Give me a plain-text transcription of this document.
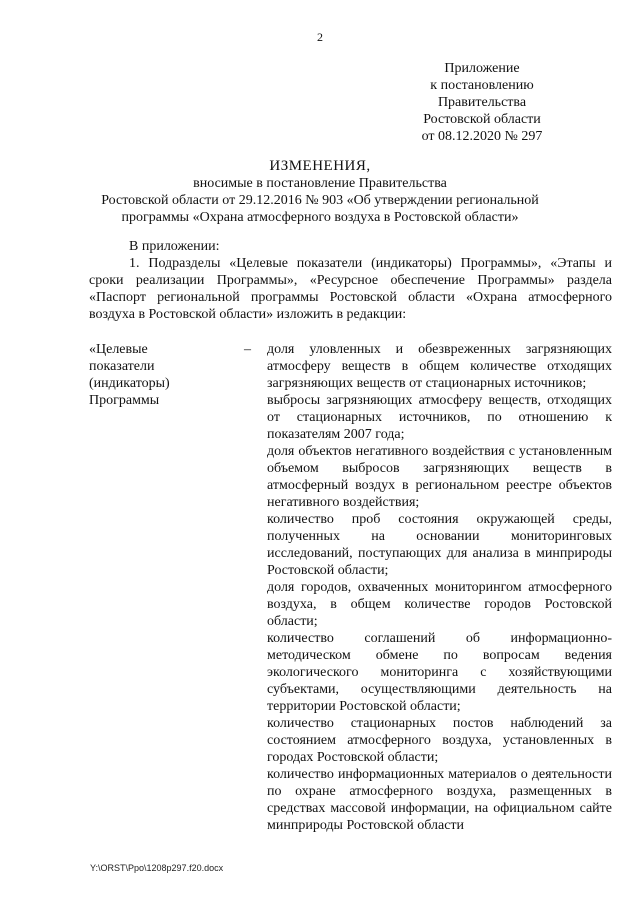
2
Приложение
к постановлению
Правительства
Ростовской области
от 08.12.2020 № 297
ИЗМЕНЕНИЯ,
вносимые в постановление Правительства
Ростовской области от 29.12.2016 № 903 «Об утверждении региональной
программы «Охрана атмосферного воздуха в Ростовской области»

В приложении:

1. Подразделы «Целевые показатели (индикаторы) Программы», «Этапы и сроки реализации Программы», «Ресурсное обеспечение Программы» раздела «Паспорт региональной программы Ростовской области «Охрана атмосферного воздуха в Ростовской области» изложить в редакции:

«Целевые
показатели
(индикаторы)
Программы
– доля уловленных и обезвреженных загрязняющих атмосферу веществ в общем количестве отходящих загрязняющих веществ от стационарных источников;
выбросы загрязняющих атмосферу веществ, отходящих от стационарных источников, по отношению к показателям 2007 года;
доля объектов негативного воздействия с установленным объемом выбросов загрязняющих веществ в атмосферный воздух в региональном реестре объектов негативного воздействия;
количество проб состояния окружающей среды, полученных на основании мониторинговых исследований, поступающих для анализа в минприроды Ростовской области;
доля городов, охваченных мониторингом атмосферного воздуха, в общем количестве городов Ростовской области;
количество соглашений об информационно-методическом обмене по вопросам ведения экологического мониторинга с хозяйствующими субъектами, осуществляющими деятельность на территории Ростовской области;
количество стационарных постов наблюдений за состоянием атмосферного воздуха, установленных в городах Ростовской области;
количество информационных материалов о деятельности по охране атмосферного воздуха, размещенных в средствах массовой информации, на официальном сайте минприроды Ростовской области
Y:\ORST\Ppo\1208p297.f20.docx
